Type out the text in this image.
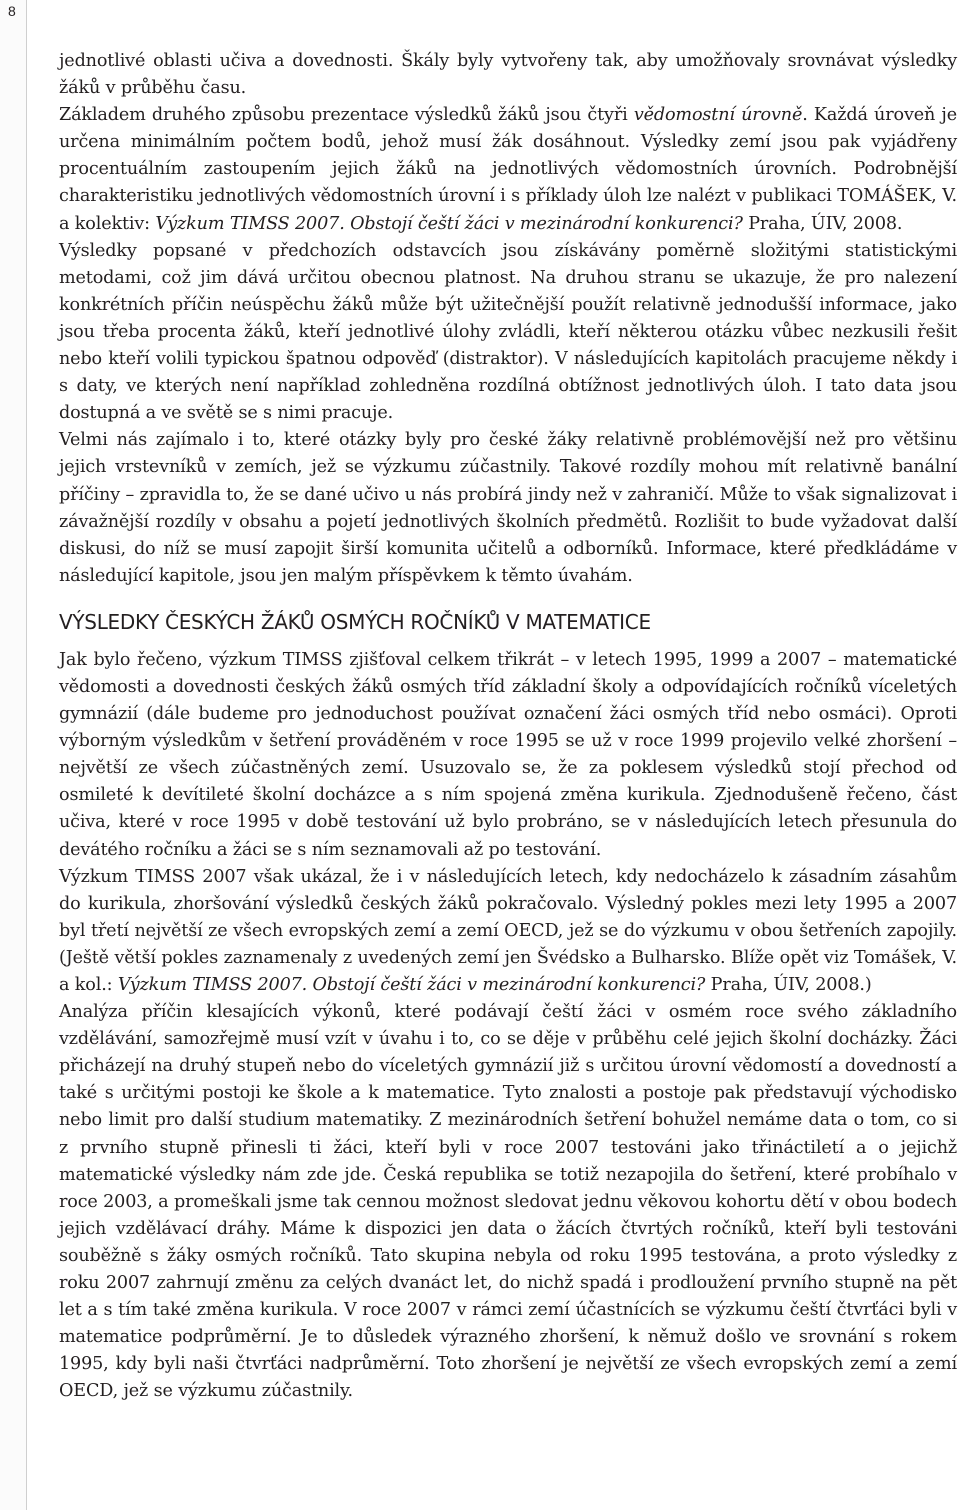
8

jednotlivé oblasti učiva a dovednosti. Škály byly vytvořeny tak, aby umožňovaly srovnávat výsledky žáků v průběhu času.

Základem druhého způsobu prezentace výsledků žáků jsou čtyři vědomostní úrovně. Každá úroveň je určena minimálním počtem bodů, jehož musí žák dosáhnout. Výsledky zemí jsou pak vyjádřeny procentuálním zastoupením jejich žáků na jednotlivých vědomostních úrovních. Podrobnější charakteristiku jednotlivých vědomostních úrovní i s příklady úloh lze nalézt v publikaci TOMÁŠEK, V. a kolektiv: Výzkum TIMSS 2007. Obstojí čeští žáci v mezinárodní konkurenci? Praha, ÚIV, 2008.

Výsledky popsané v předchozích odstavcích jsou získávány poměrně složitými statistickými metodami, což jim dává určitou obecnou platnost. Na druhou stranu se ukazuje, že pro nalezení konkrétních příčin neúspěchu žáků může být užitečnější použít relativně jednodušší informace, jako jsou třeba procenta žáků, kteří jednotlivé úlohy zvládli, kteří některou otázku vůbec nezkusili řešit nebo kteří volili typickou špatnou odpověď (distraktor). V následujících kapitolách pracujeme někdy i s daty, ve kterých není například zohledněna rozdílná obtížnost jednotlivých úloh. I tato data jsou dostupná a ve světě se s nimi pracuje.

Velmi nás zajímalo i to, které otázky byly pro české žáky relativně problémovější než pro většinu jejich vrstevníků v zemích, jež se výzkumu zúčastnily. Takové rozdíly mohou mít relativně banální příčiny – zpravidla to, že se dané učivo u nás probírá jindy než v zahraničí. Může to však signalizovat i závažnější rozdíly v obsahu a pojetí jednotlivých školních předmětů. Rozlišit to bude vyžadovat další diskusi, do níž se musí zapojit širší komunita učitelů a odborníků. Informace, které předkládáme v následující kapitole, jsou jen malým příspěvkem k těmto úvahám.

VÝSLEDKY ČESKÝCH ŽÁKŮ OSMÝCH ROČNÍKŮ V MATEMATICE

Jak bylo řečeno, výzkum TIMSS zjišťoval celkem třikrát – v letech 1995, 1999 a 2007 – matematické vědomosti a dovednosti českých žáků osmých tříd základní školy a odpovídajících ročníků víceletých gymnázií (dále budeme pro jednoduchost používat označení žáci osmých tříd nebo osmáci). Oproti výborným výsledkům v šetření prováděném v roce 1995 se už v roce 1999 projevilo velké zhoršení – největší ze všech zúčastněných zemí. Usuzovalo se, že za poklesem výsledků stojí přechod od osmileté k devítileté školní docházce a s ním spojená změna kurikula. Zjednodušeně řečeno, část učiva, které v roce 1995 v době testování už bylo probráno, se v následujících letech přesunula do devátého ročníku a žáci se s ním seznamovali až po testování.

Výzkum TIMSS 2007 však ukázal, že i v následujících letech, kdy nedocházelo k zásadním zásahům do kurikula, zhoršování výsledků českých žáků pokračovalo. Výsledný pokles mezi lety 1995 a 2007 byl třetí největší ze všech evropských zemí a zemí OECD, jež se do výzkumu v obou šetřeních zapojily. (Ještě větší pokles zaznamenaly z uvedených zemí jen Švédsko a Bulharsko. Blíže opět viz Tomášek, V. a kol.: Výzkum TIMSS 2007. Obstojí čeští žáci v mezinárodní konkurenci? Praha, ÚIV, 2008.)

Analýza příčin klesajících výkonů, které podávají čeští žáci v osmém roce svého základního vzdělávání, samozřejmě musí vzít v úvahu i to, co se děje v průběhu celé jejich školní docházky. Žáci přicházejí na druhý stupeň nebo do víceletých gymnázií již s určitou úrovní vědomostí a dovedností a také s určitými postoji ke škole a k matematice. Tyto znalosti a postoje pak představují východisko nebo limit pro další studium matematiky. Z mezinárodních šetření bohužel nemáme data o tom, co si z prvního stupně přinesli ti žáci, kteří byli v roce 2007 testováni jako třináctiletí a o jejichž matematické výsledky nám zde jde. Česká republika se totiž nezapojila do šetření, které probíhalo v roce 2003, a promeškali jsme tak cennou možnost sledovat jednu věkovou kohortu dětí v obou bodech jejich vzdělávací dráhy. Máme k dispozici jen data o žácích čtvrtých ročníků, kteří byli testováni souběžně s žáky osmých ročníků. Tato skupina nebyla od roku 1995 testována, a proto výsledky z roku 2007 zahrnují změnu za celých dvanáct let, do nichž spadá i prodloužení prvního stupně na pět let a s tím také změna kurikula. V roce 2007 v rámci zemí účastnících se výzkumu čeští čtvrťáci byli v matematice podprůměrní. Je to důsledek výrazného zhoršení, k němuž došlo ve srovnání s rokem 1995, kdy byli naši čtvrťáci nadprůměrní. Toto zhoršení je největší ze všech evropských zemí a zemí OECD, jež se výzkumu zúčastnily.
